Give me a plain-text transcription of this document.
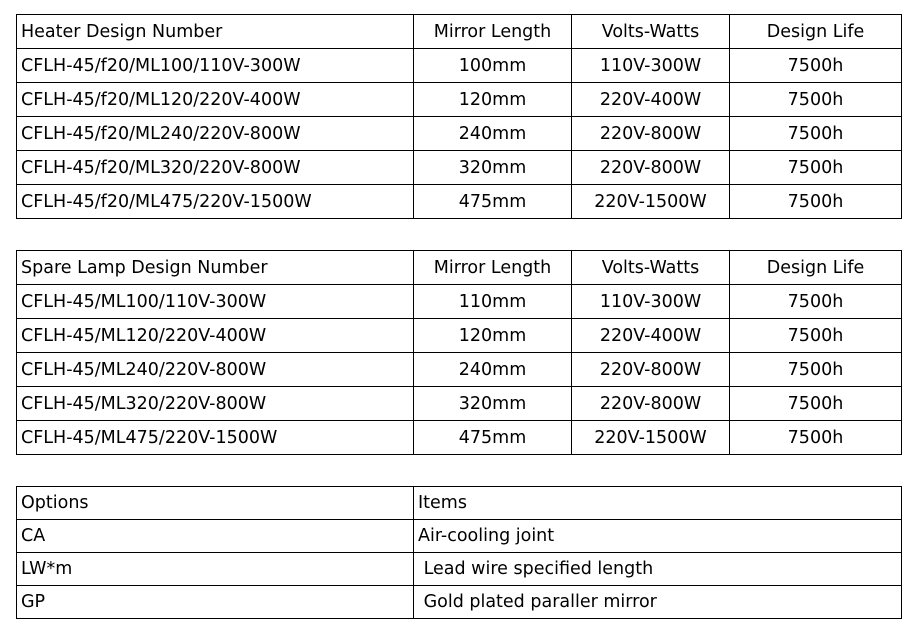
Heater Design Number	Mirror Length	Volts-Watts	Design Life
CFLH-45/f20/ML100/110V-300W	100mm	110V-300W	7500h
CFLH-45/f20/ML120/220V-400W	120mm	220V-400W	7500h
CFLH-45/f20/ML240/220V-800W	240mm	220V-800W	7500h
CFLH-45/f20/ML320/220V-800W	320mm	220V-800W	7500h
CFLH-45/f20/ML475/220V-1500W	475mm	220V-1500W	7500h
Spare Lamp Design Number	Mirror Length	Volts-Watts	Design Life
CFLH-45/ML100/110V-300W	110mm	110V-300W	7500h
CFLH-45/ML120/220V-400W	120mm	220V-400W	7500h
CFLH-45/ML240/220V-800W	240mm	220V-800W	7500h
CFLH-45/ML320/220V-800W	320mm	220V-800W	7500h
CFLH-45/ML475/220V-1500W	475mm	220V-1500W	7500h
Options	Items
CA	Air-cooling joint
LW*m	Lead wire specified length
GP	Gold plated paraller mirror
